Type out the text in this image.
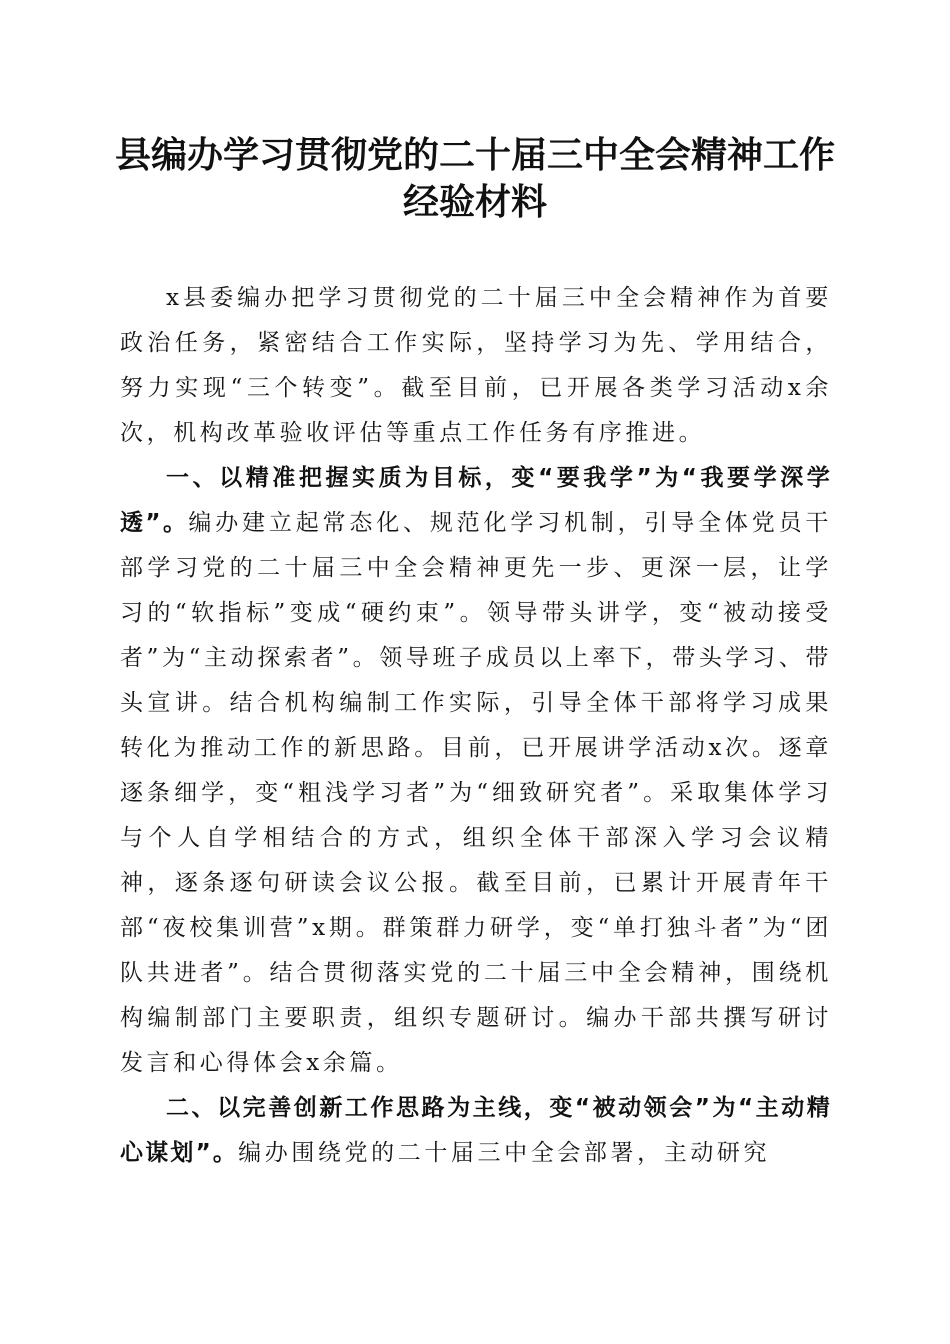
县编办学习贯彻党的二十届三中全会精神工作经验材料

x县委编办把学习贯彻党的二十届三中全会精神作为首要政治任务，紧密结合工作实际，坚持学习为先、学用结合，努力实现“三个转变”。截至目前，已开展各类学习活动x余次，机构改革验收评估等重点工作任务有序推进。

一、以精准把握实质为目标，变“要我学”为“我要学深学透”。编办建立起常态化、规范化学习机制，引导全体党员干部学习党的二十届三中全会精神更先一步、更深一层，让学习的“软指标”变成“硬约束”。领导带头讲学，变“被动接受者”为“主动探索者”。领导班子成员以上率下，带头学习、带头宣讲。结合机构编制工作实际，引导全体干部将学习成果转化为推动工作的新思路。目前，已开展讲学活动x次。逐章逐条细学，变“粗浅学习者”为“细致研究者”。采取集体学习与个人自学相结合的方式，组织全体干部深入学习会议精神，逐条逐句研读会议公报。截至目前，已累计开展青年干部“夜校集训营”x期。群策群力研学，变“单打独斗者”为“团队共进者”。结合贯彻落实党的二十届三中全会精神，围绕机构编制部门主要职责，组织专题研讨。编办干部共撰写研讨发言和心得体会x余篇。

二、以完善创新工作思路为主线，变“被动领会”为“主动精心谋划”。编办围绕党的二十届三中全会部署，主动研究
